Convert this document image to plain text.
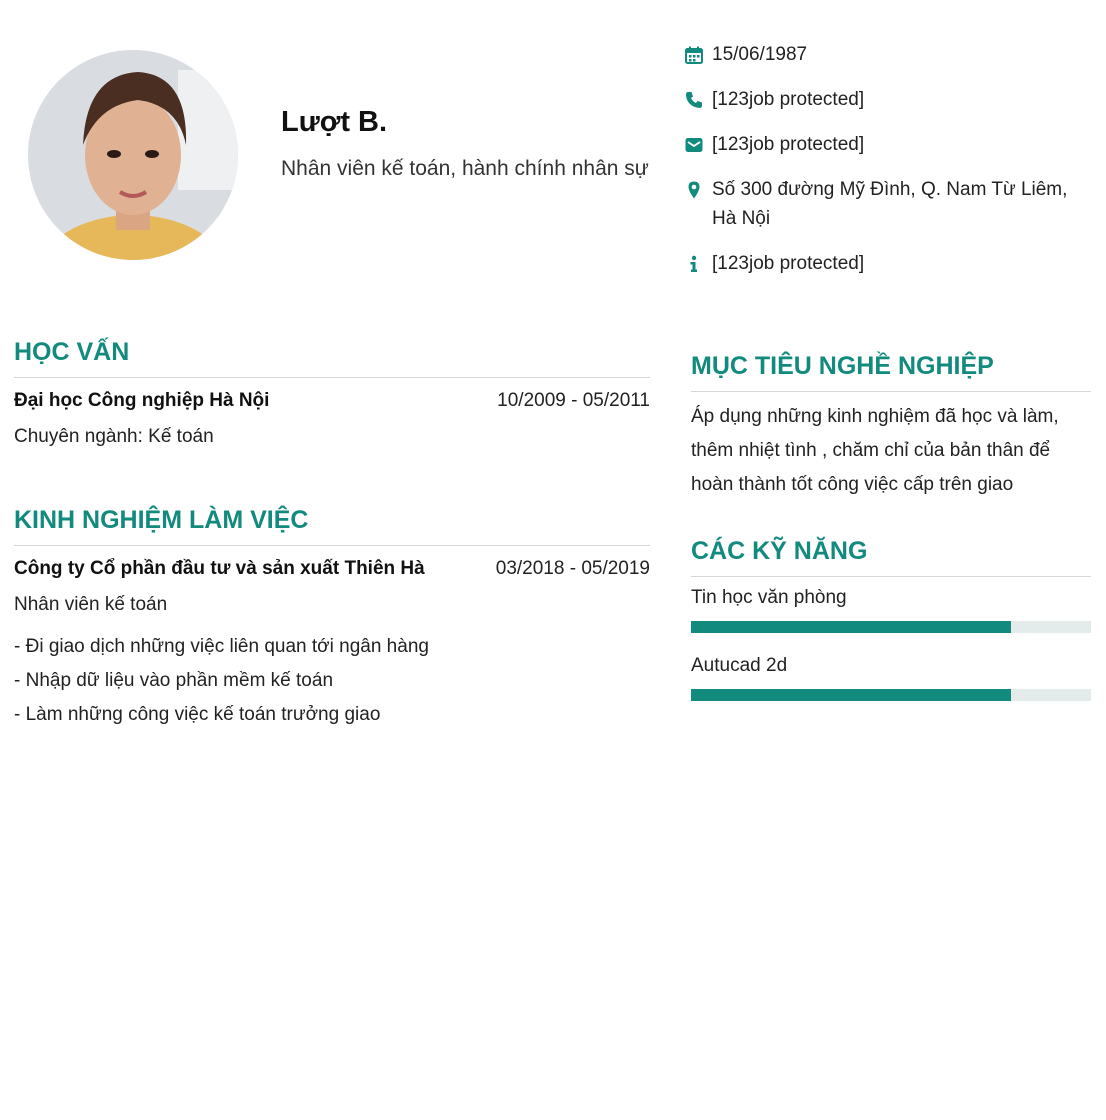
Lượt B.
Nhân viên kế toán, hành chính nhân sự
15/06/1987
[123job protected]
[123job protected]
Số 300 đường Mỹ Đình, Q. Nam Từ Liêm, Hà Nội
[123job protected]
HỌC VẤN
Đại học Công nghiệp Hà Nội	10/2009 - 05/2011
Chuyên ngành: Kế toán
KINH NGHIỆM LÀM VIỆC
Công ty Cổ phần đầu tư và sản xuất Thiên Hà	03/2018 - 05/2019
Nhân viên kế toán
- Đi giao dịch những việc liên quan tới ngân hàng
- Nhập dữ liệu vào phần mềm kế toán
- Làm những công việc kế toán trưởng giao
MỤC TIÊU NGHỀ NGHIỆP
Áp dụng những kinh nghiệm đã học và làm, thêm nhiệt tình , chăm chỉ của bản thân để hoàn thành tốt công việc cấp trên giao
CÁC KỸ NĂNG
Tin học văn phòng
Autucad 2d
